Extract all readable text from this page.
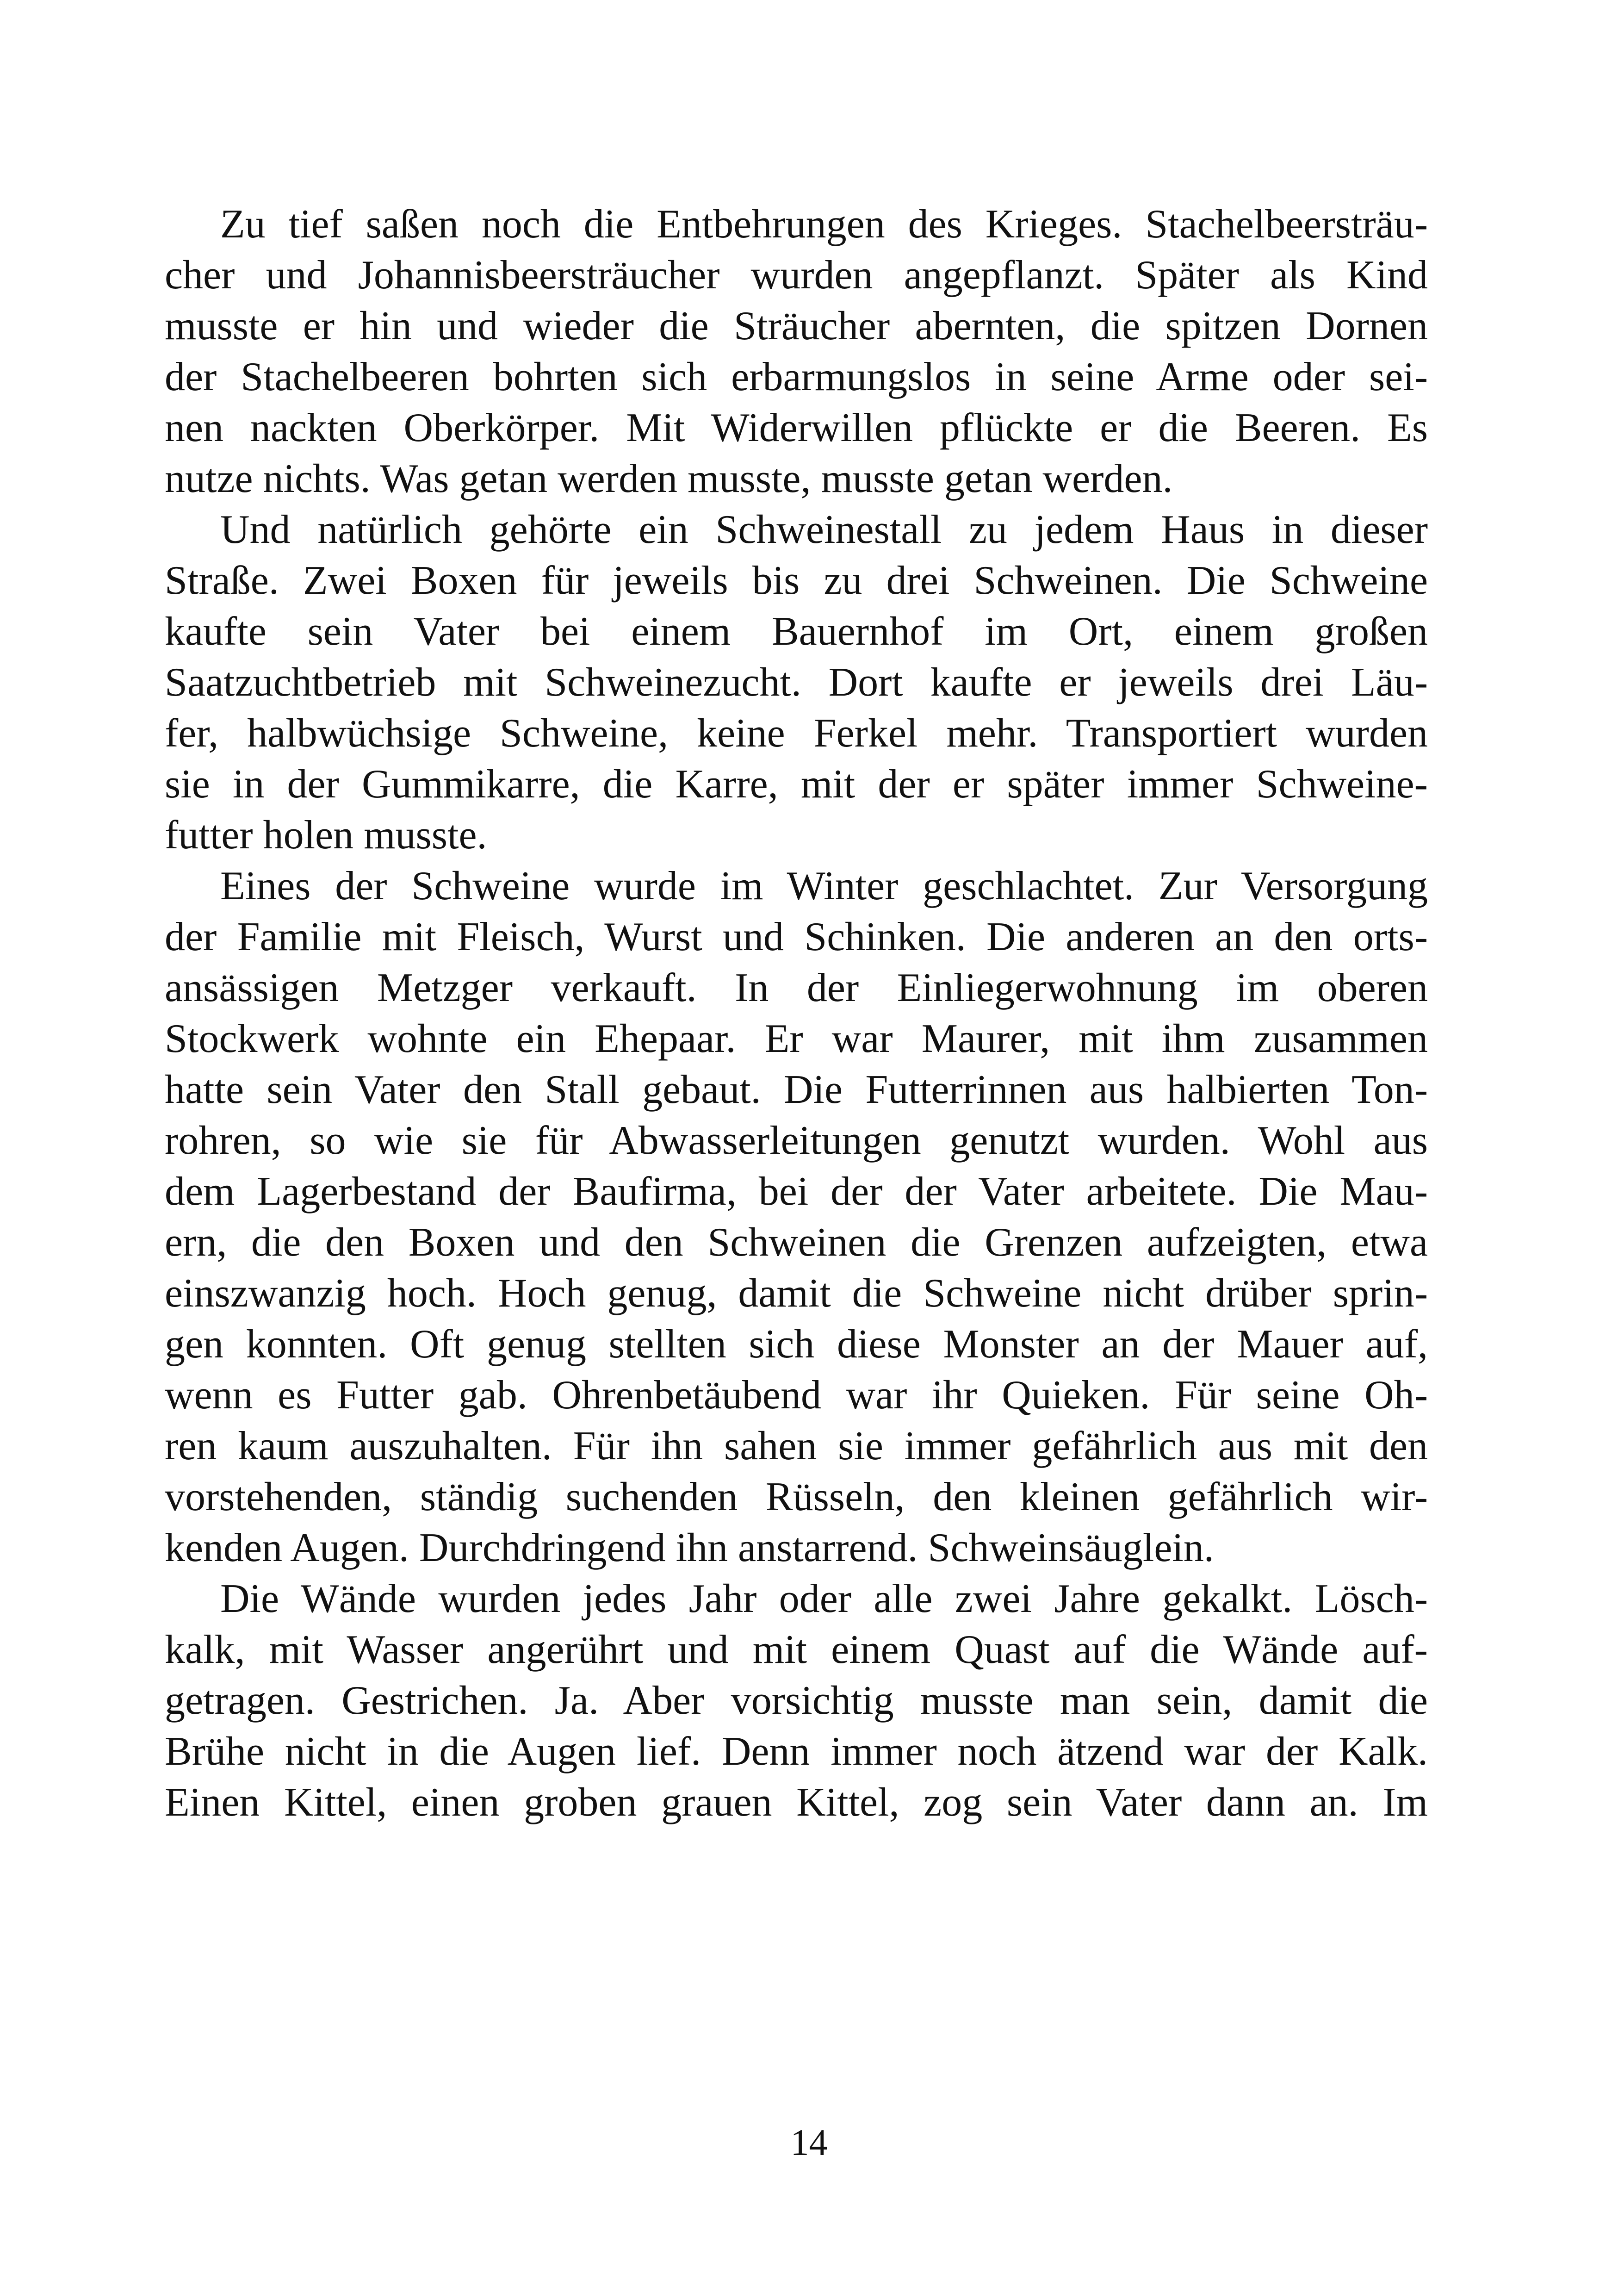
Zu tief saßen noch die Entbehrungen des Krieges. Stachelbeersträu-
cher und Johannisbeersträucher wurden angepflanzt. Später als Kind
musste er hin und wieder die Sträucher abernten, die spitzen Dornen
der Stachelbeeren bohrten sich erbarmungslos in seine Arme oder sei-
nen nackten Oberkörper. Mit Widerwillen pflückte er die Beeren. Es
nutze nichts. Was getan werden musste, musste getan werden.

Und natürlich gehörte ein Schweinestall zu jedem Haus in dieser
Straße. Zwei Boxen für jeweils bis zu drei Schweinen. Die Schweine
kaufte sein Vater bei einem Bauernhof im Ort, einem großen
Saatzuchtbetrieb mit Schweinezucht. Dort kaufte er jeweils drei Läu-
fer, halbwüchsige Schweine, keine Ferkel mehr. Transportiert wurden
sie in der Gummikarre, die Karre, mit der er später immer Schweine-
futter holen musste.

Eines der Schweine wurde im Winter geschlachtet. Zur Versorgung
der Familie mit Fleisch, Wurst und Schinken. Die anderen an den orts-
ansässigen Metzger verkauft. In der Einliegerwohnung im oberen
Stockwerk wohnte ein Ehepaar. Er war Maurer, mit ihm zusammen
hatte sein Vater den Stall gebaut. Die Futterrinnen aus halbierten Ton-
rohren, so wie sie für Abwasserleitungen genutzt wurden. Wohl aus
dem Lagerbestand der Baufirma, bei der der Vater arbeitete. Die Mau-
ern, die den Boxen und den Schweinen die Grenzen aufzeigten, etwa
einszwanzig hoch. Hoch genug, damit die Schweine nicht drüber sprin-
gen konnten. Oft genug stellten sich diese Monster an der Mauer auf,
wenn es Futter gab. Ohrenbetäubend war ihr Quieken. Für seine Oh-
ren kaum auszuhalten. Für ihn sahen sie immer gefährlich aus mit den
vorstehenden, ständig suchenden Rüsseln, den kleinen gefährlich wir-
kenden Augen. Durchdringend ihn anstarrend. Schweinsäuglein.

Die Wände wurden jedes Jahr oder alle zwei Jahre gekalkt. Lösch-
kalk, mit Wasser angerührt und mit einem Quast auf die Wände auf-
getragen. Gestrichen. Ja. Aber vorsichtig musste man sein, damit die
Brühe nicht in die Augen lief. Denn immer noch ätzend war der Kalk.
Einen Kittel, einen groben grauen Kittel, zog sein Vater dann an. Im

14
